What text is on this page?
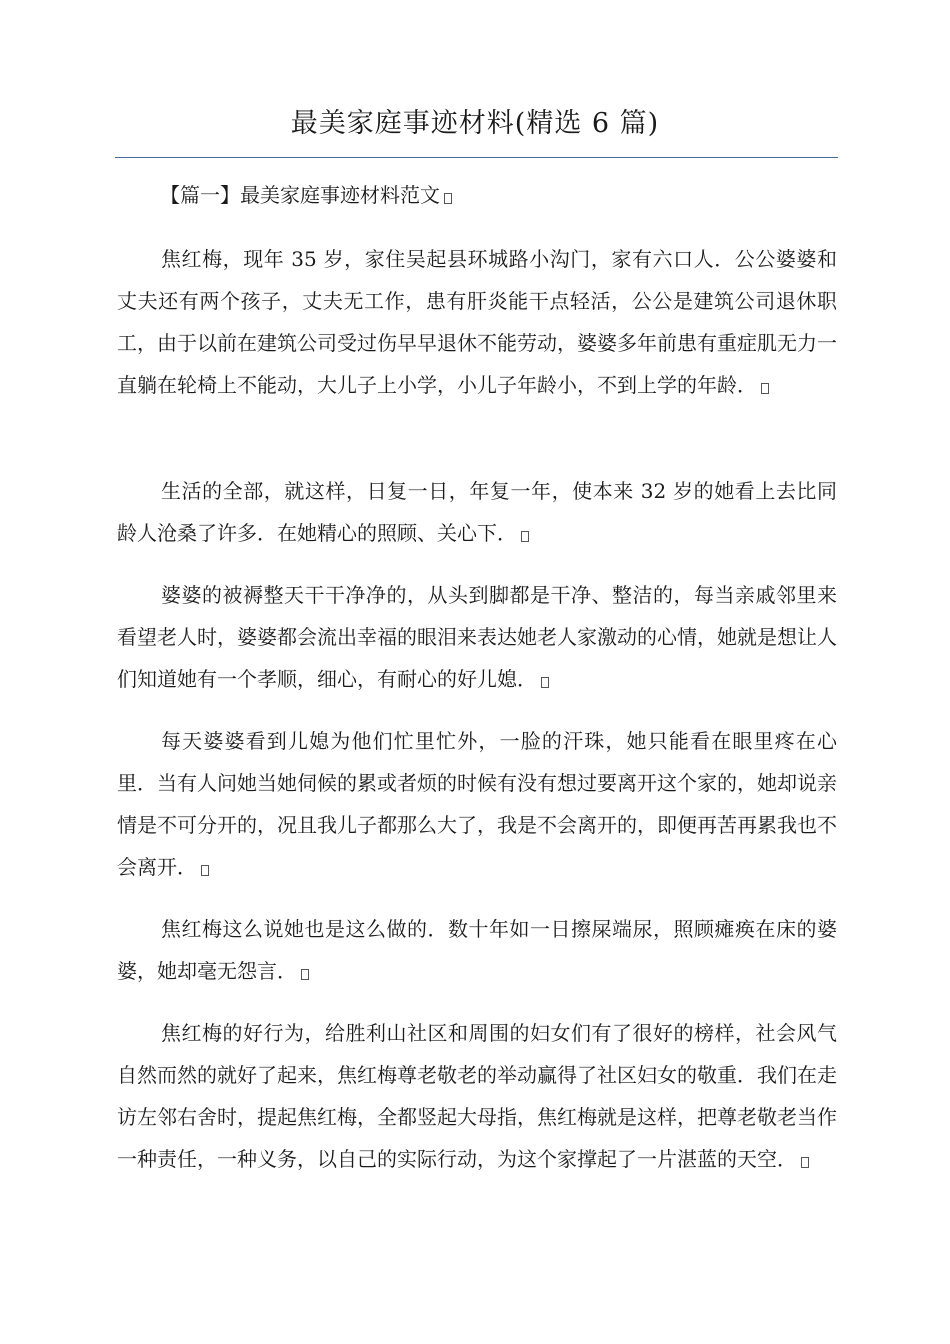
最美家庭事迹材料(精选 6 篇)
【篇一】最美家庭事迹材料范文

焦红梅，现年 35 岁，家住吴起县环城路小沟门，家有六口人．公公婆婆和丈夫还有两个孩子，丈夫无工作，患有肝炎能干点轻活，公公是建筑公司退休职工，由于以前在建筑公司受过伤早早退休不能劳动，婆婆多年前患有重症肌无力一直躺在轮椅上不能动，大儿子上小学，小儿子年龄小，不到上学的年龄．

生活的全部，就这样，日复一日，年复一年，使本来 32 岁的她看上去比同龄人沧桑了许多．在她精心的照顾、关心下．

婆婆的被褥整天干干净净的，从头到脚都是干净、整洁的，每当亲戚邻里来看望老人时，婆婆都会流出幸福的眼泪来表达她老人家激动的心情，她就是想让人们知道她有一个孝顺，细心，有耐心的好儿媳．

每天婆婆看到儿媳为他们忙里忙外，一脸的汗珠，她只能看在眼里疼在心里．当有人问她当她伺候的累或者烦的时候有没有想过要离开这个家的，她却说亲情是不可分开的，况且我儿子都那么大了，我是不会离开的，即便再苦再累我也不会离开．

焦红梅这么说她也是这么做的．数十年如一日擦屎端尿，照顾瘫痪在床的婆婆，她却毫无怨言．

焦红梅的好行为，给胜利山社区和周围的妇女们有了很好的榜样，社会风气自然而然的就好了起来，焦红梅尊老敬老的举动赢得了社区妇女的敬重．我们在走访左邻右舍时，提起焦红梅，全都竖起大母指，焦红梅就是这样，把尊老敬老当作一种责任，一种义务，以自己的实际行动，为这个家撑起了一片湛蓝的天空．
